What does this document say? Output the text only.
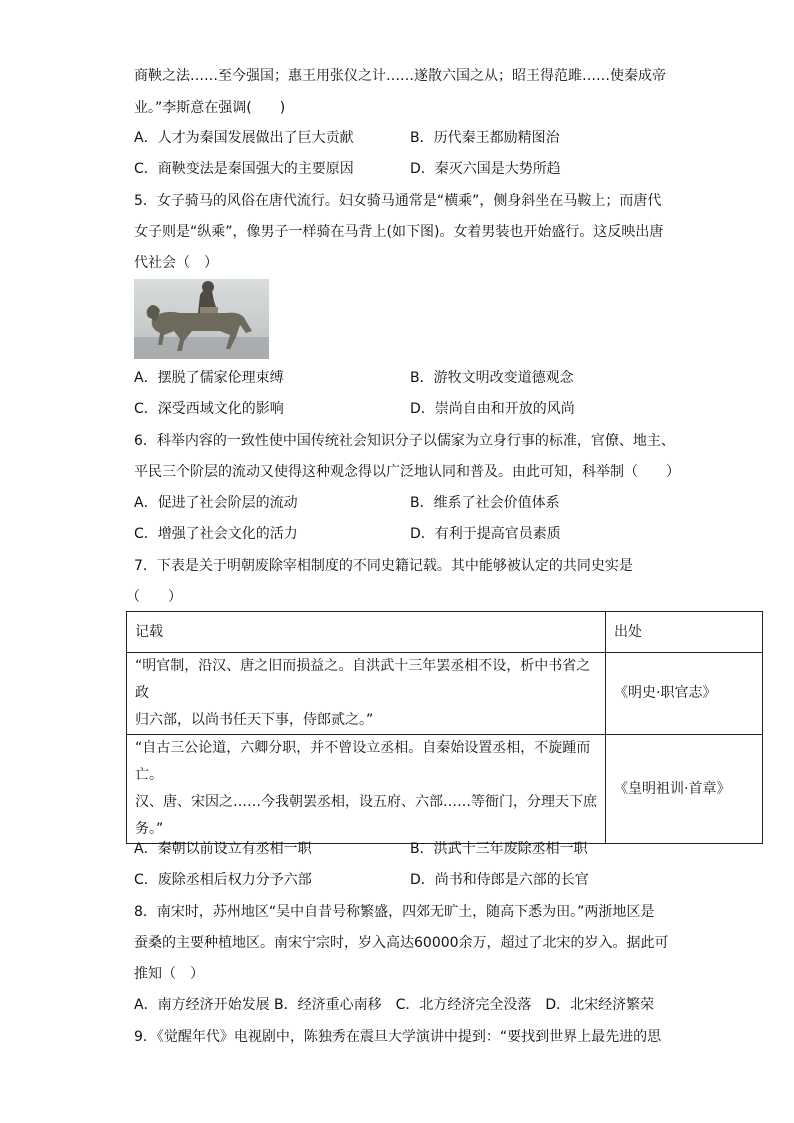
商鞅之法……至今强国；惠王用张仪之计……遂散六国之从；昭王得范雎……使秦成帝
业。”李斯意在强调(　　)
A．人才为秦国发展做出了巨大贡献	B．历代秦王都励精图治
C．商鞅变法是秦国强大的主要原因	D．秦灭六国是大势所趋
5．女子骑马的风俗在唐代流行。妇女骑马通常是“横乘”，侧身斜坐在马鞍上；而唐代
女子则是“纵乘”，像男子一样骑在马背上(如下图)。女着男装也开始盛行。这反映出唐
代社会（　）
A．摆脱了儒家伦理束缚	B．游牧文明改变道德观念
C．深受西域文化的影响	D．崇尚自由和开放的风尚
6．科举内容的一致性使中国传统社会知识分子以儒家为立身行事的标准，官僚、地主、
平民三个阶层的流动又使得这种观念得以广泛地认同和普及。由此可知，科举制（　　）
A．促进了社会阶层的流动	B．维系了社会价值体系
C．增强了社会文化的活力	D．有利于提高官员素质
7．下表是关于明朝废除宰相制度的不同史籍记载。其中能够被认定的共同史实是
（　　）
记载	出处

“明官制，沿汉、唐之旧而损益之。自洪武十三年罢丞相不设，析中书省之政
归六部，以尚书任天下事，侍郎贰之。”	《明史·职官志》

“自古三公论道，六卿分职，并不曾设立丞相。自秦始设置丞相，不旋踵而亡。
汉、唐、宋因之……今我朝罢丞相，设五府、六部……等衙门，分理天下庶
务。”	《皇明祖训·首章》
A．秦朝以前设立有丞相一职	B．洪武十三年废除丞相一职
C．废除丞相后权力分予六部	D．尚书和侍郎是六部的长官
8．南宋时，苏州地区“吴中自昔号称繁盛，四郊无旷土，随高下悉为田。”两浙地区是
蚕桑的主要种植地区。南宋宁宗时，岁入高达60000余万，超过了北宋的岁入。据此可
推知（　）
A．南方经济开始发展 B．经济重心南移　C．北方经济完全没落　D．北宋经济繁荣
9．《觉醒年代》电视剧中，陈独秀在震旦大学演讲中提到：“要找到世界上最先进的思
